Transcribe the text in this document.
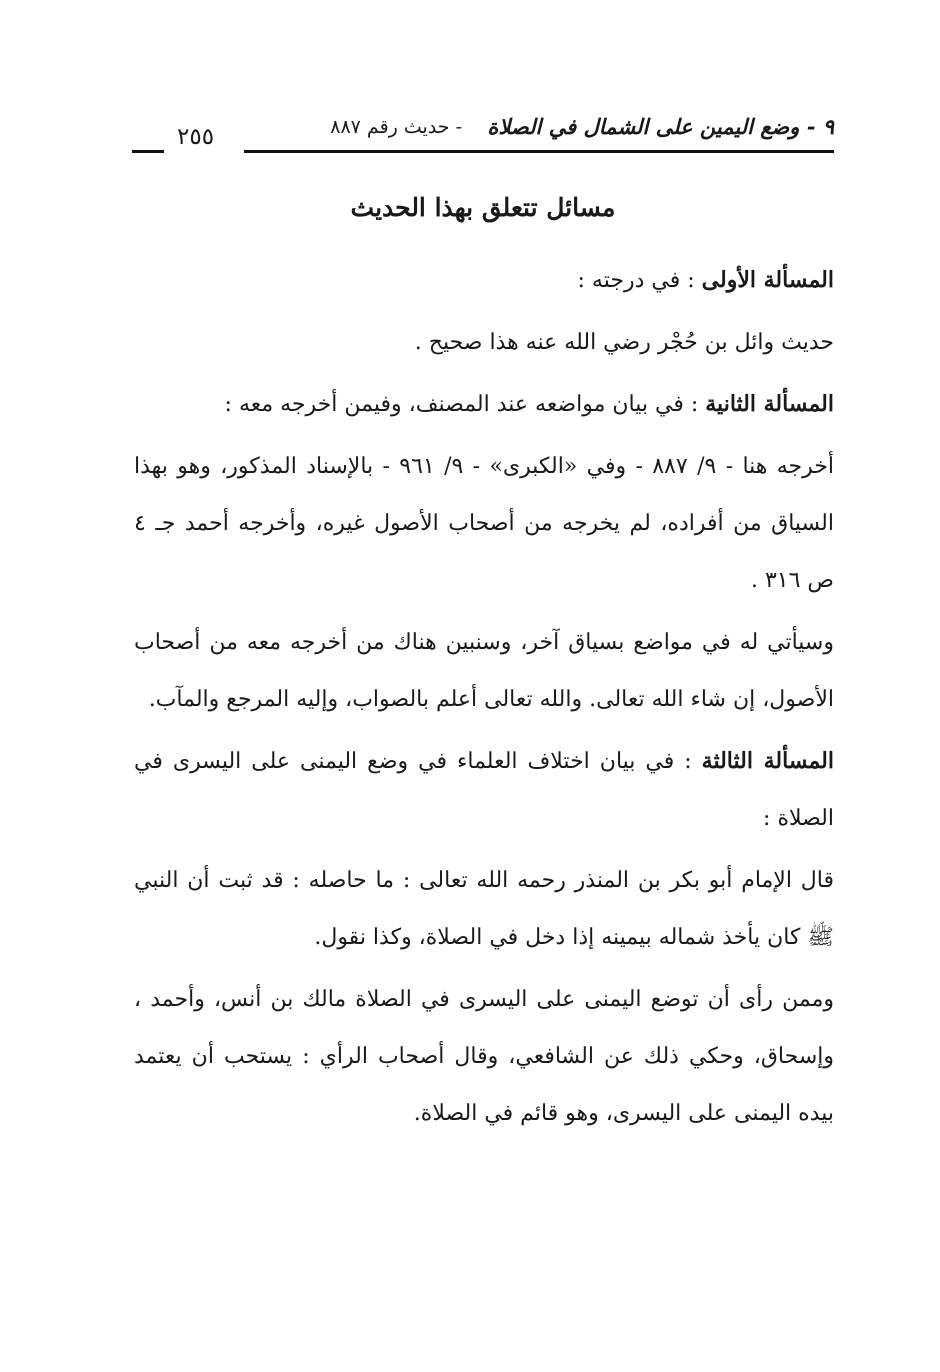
٩ - وضع اليمين على الشمال في الصلاة
- حديث رقم ٨٨٧
٢٥٥
مسائل تتعلق بهذا الحديث

المسألة الأولى : في درجته :

حديث وائل بن حُجْر رضي الله عنه هذا صحيح .

المسألة الثانية : في بيان مواضعه عند المصنف، وفيمن أخرجه معه :

أخرجه هنا - ٩/ ٨٨٧ - وفي «الكبرى» - ٩/ ٩٦١ - بالإسناد المذكور، وهو بهذا السياق من أفراده، لم يخرجه من أصحاب الأصول غيره، وأخرجه أحمد جـ ٤ ص ٣١٦ .

وسيأتي له في مواضع بسياق آخر، وسنبين هناك من أخرجه معه من أصحاب الأصول، إن شاء الله تعالى. والله تعالى أعلم بالصواب، وإليه المرجع والمآب.

المسألة الثالثة : في بيان اختلاف العلماء في وضع اليمنى على اليسرى في الصلاة :

قال الإمام أبو بكر بن المنذر رحمه الله تعالى : ما حاصله : قد ثبت أن النبي ﷺ كان يأخذ شماله بيمينه إذا دخل في الصلاة، وكذا نقول.

وممن رأى أن توضع اليمنى على اليسرى في الصلاة مالك بن أنس، وأحمد ، وإسحاق، وحكي ذلك عن الشافعي، وقال أصحاب الرأي : يستحب أن يعتمد بيده اليمنى على اليسرى، وهو قائم في الصلاة.
